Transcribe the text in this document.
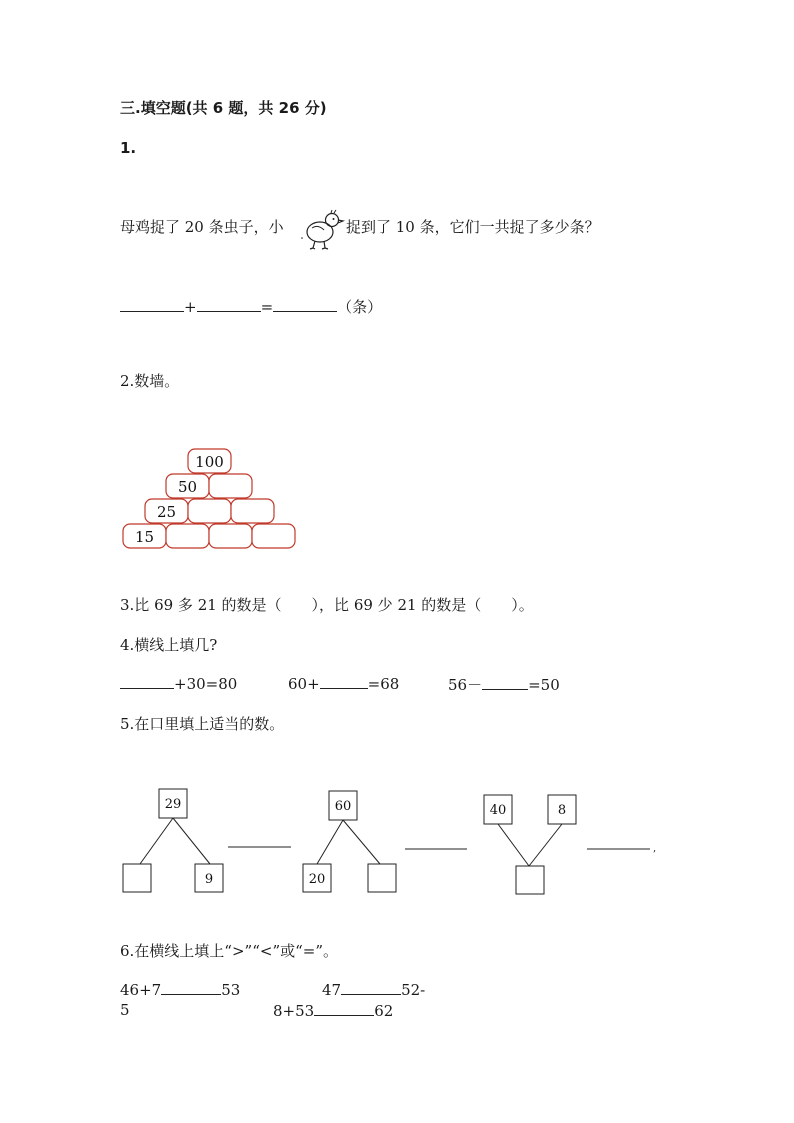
三.填空题(共 6 题，共 26 分)
1.
母鸡捉了 20 条虫子，小	捉到了 10 条，它们一共捉了多少条？
+	=	（条）
2.数墙。
100
50
25
15
3.比 69 多 21 的数是（　　），比 69 少 21 的数是（　　）。
4.横线上填几?
+30=80	60+	=68	56－	=50
5.在口里填上适当的数。
,
29
9
60
20
40	8
6.在横线上填上“>”“<”或“=”。
46+7	53	47	52-
5	8+53	62
